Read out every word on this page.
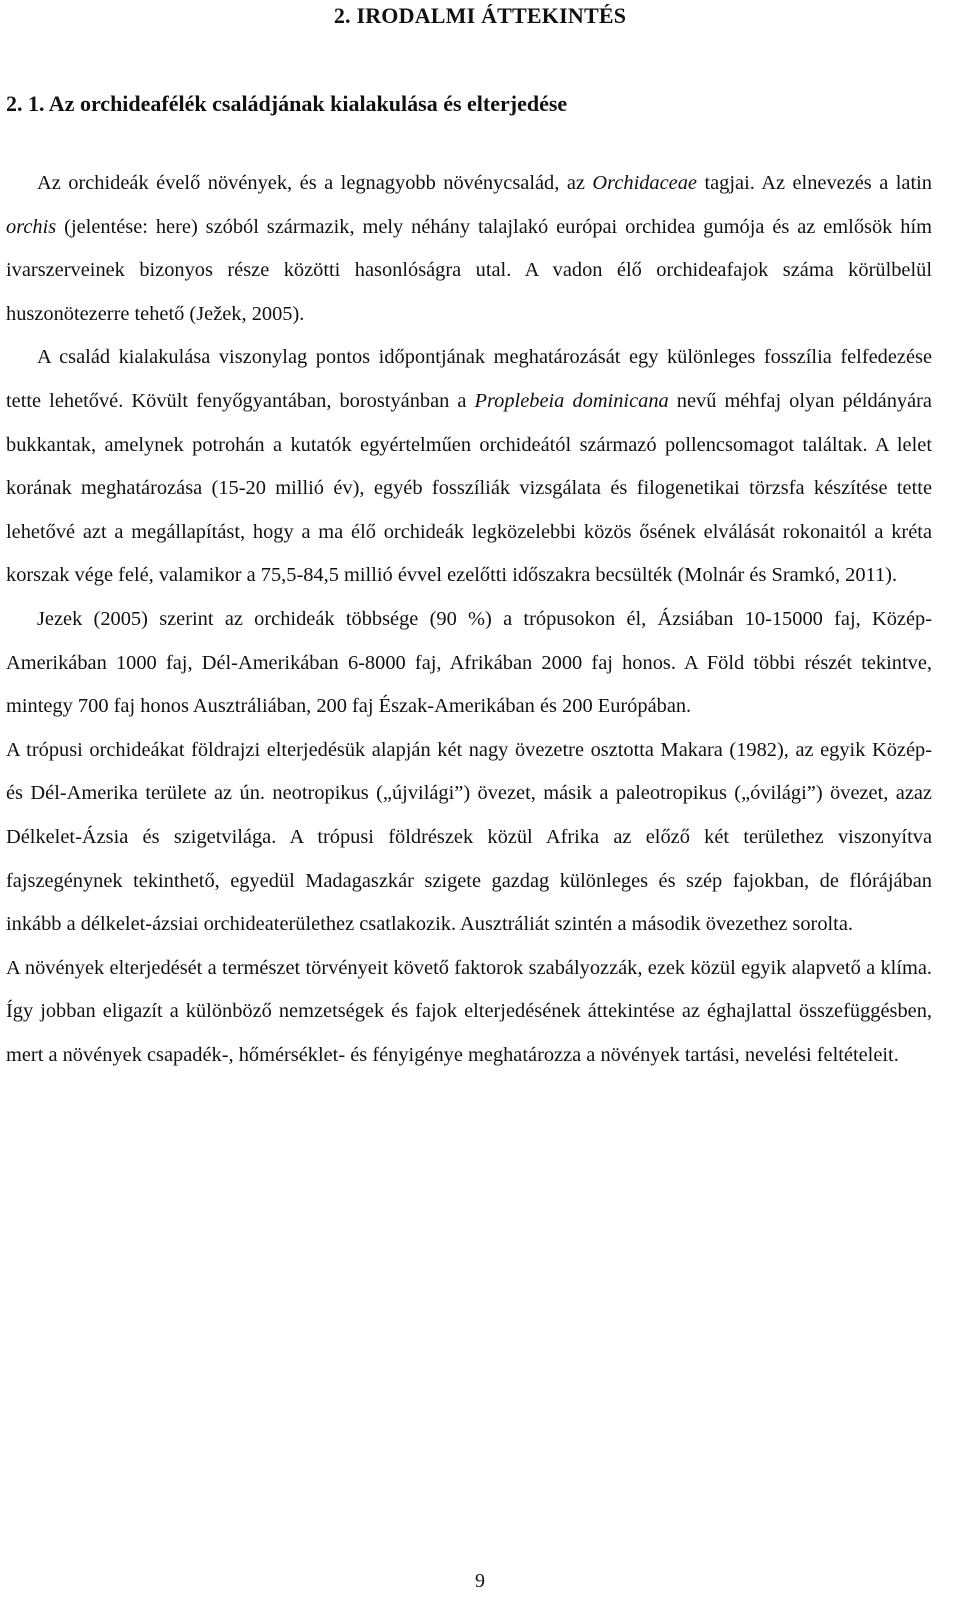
2. IRODALMI ÁTTEKINTÉS
2. 1. Az orchideafélék családjának kialakulása és elterjedése

Az orchideák évelő növények, és a legnagyobb növénycsalád, az Orchidaceae tagjai. Az elnevezés a latin orchis (jelentése: here) szóból származik, mely néhány talajlakó európai orchidea gumója és az emlősök hím ivarszerveinek bizonyos része közötti hasonlóságra utal. A vadon élő orchideafajok száma körülbelül huszonötezerre tehető (Ježek, 2005).

A család kialakulása viszonylag pontos időpontjának meghatározását egy különleges fosszília felfedezése tette lehetővé. Kövült fenyőgyantában, borostyánban a Proplebeia dominicana nevű méhfaj olyan példányára bukkantak, amelynek potrohán a kutatók egyértelműen orchideától származó pollencsomagot találtak. A lelet korának meghatározása (15-20 millió év), egyéb fosszíliák vizsgálata és filogenetikai törzsfa készítése tette lehetővé azt a megállapítást, hogy a ma élő orchideák legközelebbi közös ősének elválását rokonaitól a kréta korszak vége felé, valamikor a 75,5-84,5 millió évvel ezelőtti időszakra becsülték (Molnár és Sramkó, 2011).

Jezek (2005) szerint az orchideák többsége (90 %) a trópusokon él, Ázsiában 10-15000 faj, Közép-Amerikában 1000 faj, Dél-Amerikában 6-8000 faj, Afrikában 2000 faj honos. A Föld többi részét tekintve, mintegy 700 faj honos Ausztráliában, 200 faj Észak-Amerikában és 200 Európában.

A trópusi orchideákat földrajzi elterjedésük alapján két nagy övezetre osztotta Makara (1982), az egyik Közép- és Dél-Amerika területe az ún. neotropikus („újvilági”) övezet, másik a paleotropikus („óvilági”) övezet, azaz Délkelet-Ázsia és szigetvilága. A trópusi földrészek közül Afrika az előző két területhez viszonyítva fajszegénynek tekinthető, egyedül Madagaszkár szigete gazdag különleges és szép fajokban, de flórájában inkább a délkelet-ázsiai orchideaterülethez csatlakozik. Ausztráliát szintén a második övezethez sorolta.

A növények elterjedését a természet törvényeit követő faktorok szabályozzák, ezek közül egyik alapvető a klíma. Így jobban eligazít a különböző nemzetségek és fajok elterjedésének áttekintése az éghajlattal összefüggésben, mert a növények csapadék-, hőmérséklet- és fényigénye meghatározza a növények tartási, nevelési feltételeit.

9
